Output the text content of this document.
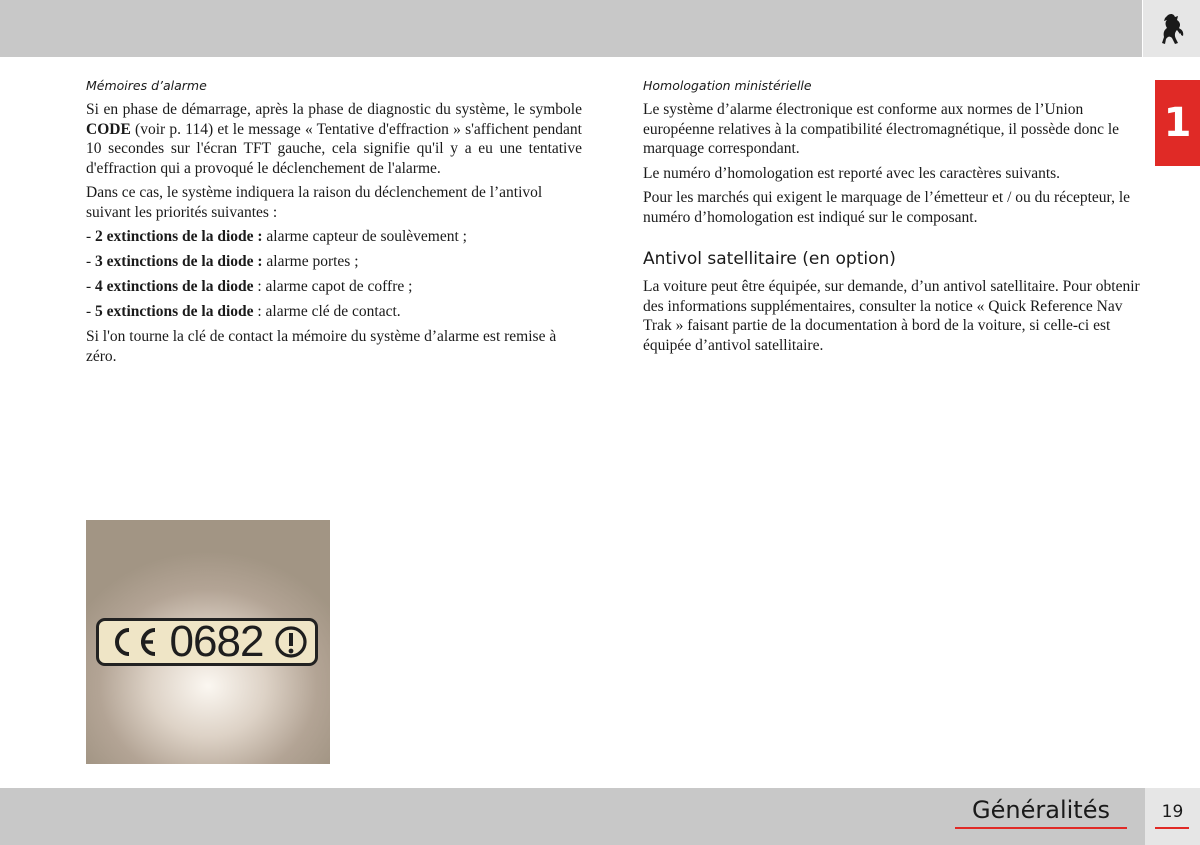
1
Mémoires d’alarme

Si en phase de démarrage, après la phase de diagnostic du système, le symbole CODE (voir p. 114) et le message « Tentative d'effraction » s'affichent pendant 10 secondes sur l'écran TFT gauche, cela signifie qu'il y a eu une tentative d'effraction qui a provoqué le déclenchement de l'alarme.

Dans ce cas, le système indiquera la raison du déclenchement de l’antivol suivant les priorités suivantes :

- 2 extinctions de la diode : alarme capteur de soulèvement ;
- 3 extinctions de la diode : alarme portes ;
- 4 extinctions de la diode : alarme capot de coffre ;
- 5 extinctions de la diode : alarme clé de contact.

Si l'on tourne la clé de contact la mémoire du système d’alarme est remise à zéro.

Homologation ministérielle

Le système d’alarme électronique est conforme aux normes de l’Union européenne relatives à la compatibilité électromagnétique, il possède donc le marquage correspondant.

Le numéro d’homologation est reporté avec les caractères suivants.

Pour les marchés qui exigent le marquage de l’émetteur et / ou du récepteur, le numéro d’homologation est indiqué sur le composant.

Antivol satellitaire (en option)

La voiture peut être équipée, sur demande, d’un antivol satellitaire. Pour obtenir des informations supplémentaires, consulter la notice « Quick Reference Nav Trak » faisant partie de la documentation à bord de la voiture, si celle-ci est équipée d’antivol satellitaire.

0682
Généralités	19
